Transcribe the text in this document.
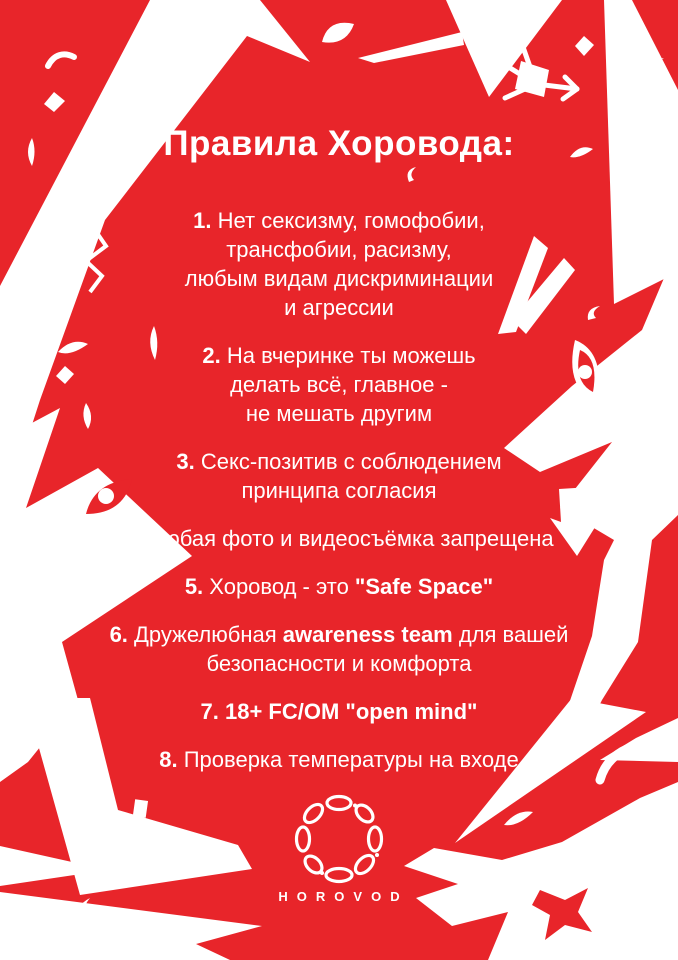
Правила Хоровода:

1. Нет сексизму, гомофобии,
трансфобии, расизму,
любым видам дискриминации
и агрессии

2. На вчеринке ты можешь
делать всё, главное -
не мешать другим

3. Секс-позитив с соблюдением
принципа согласия

4. Любая фото и видеосъёмка запрещена

5. Хоровод - это "Safe Space"

6. Дружелюбная awareness team для вашей
безопасности и комфорта

7. 18+ FC/OM "open mind"

8. Проверка температуры на входе

HOROVOD
